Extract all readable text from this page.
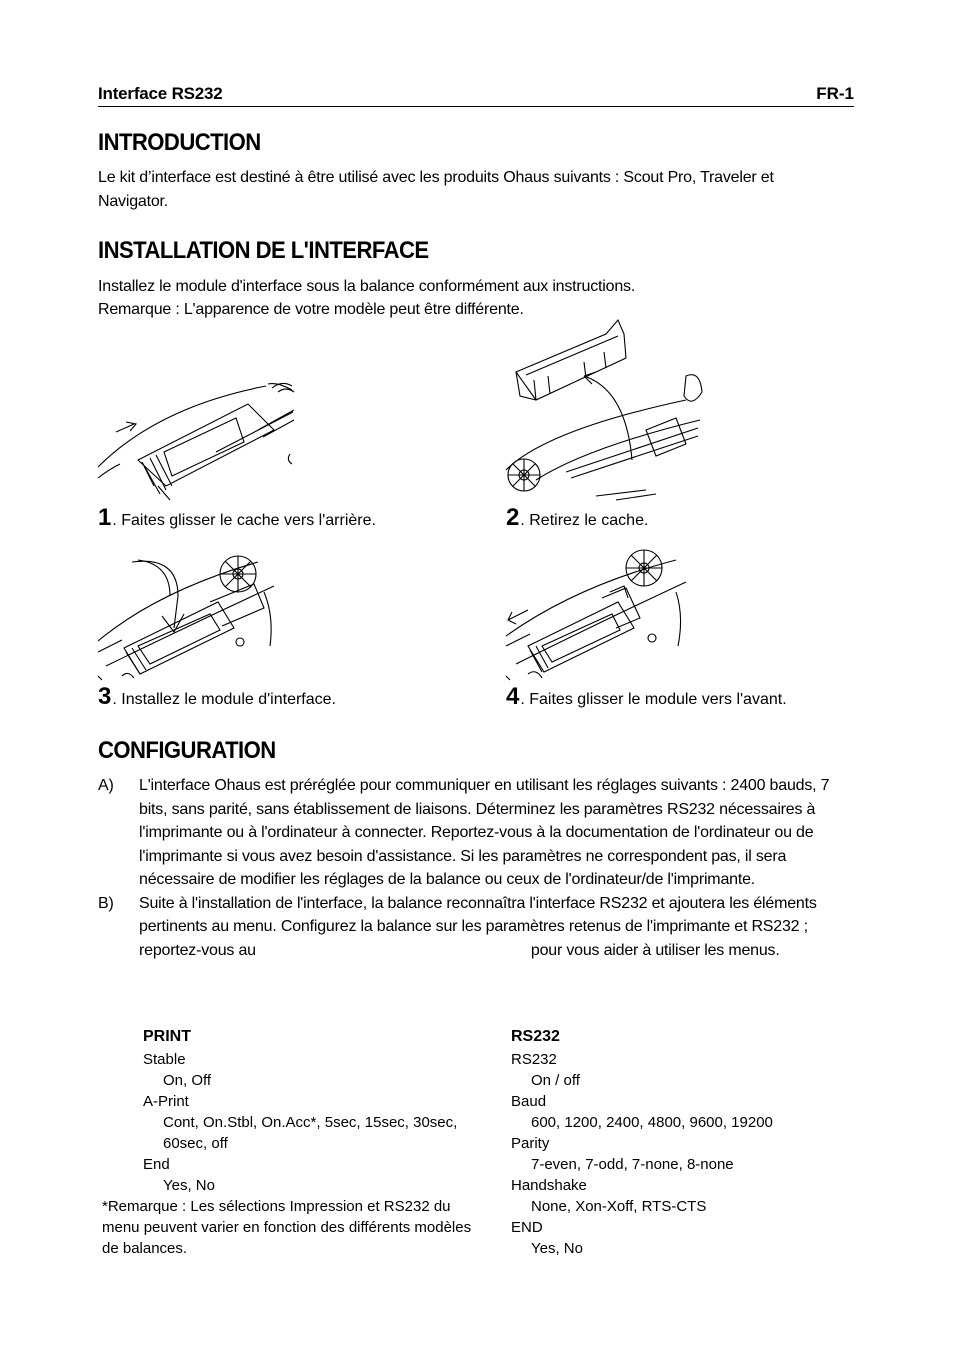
Interface RS232	FR-1
INTRODUCTION
Le kit d’interface est destiné à être utilisé avec les produits Ohaus suivants : Scout Pro, Traveler et Navigator.
INSTALLATION DE L'INTERFACE
Installez le module d'interface sous la balance conformément aux instructions.
Remarque : L'apparence de votre modèle peut être différente.
1. Faites glisser le cache vers l'arrière.	2. Retirez le cache.
3. Installez le module d'interface.	4. Faites glisser le module vers l'avant.
CONFIGURATION
A) L'interface Ohaus est préréglée pour communiquer en utilisant les réglages suivants : 2400 bauds, 7 bits, sans parité, sans établissement de liaisons. Déterminez les paramètres RS232 nécessaires à l'imprimante ou à l'ordinateur à connecter. Reportez-vous à la documentation de l'ordinateur ou de l'imprimante si vous avez besoin d'assistance. Si les paramètres ne correspondent pas, il sera nécessaire de modifier les réglages de la balance ou ceux de l'ordinateur/de l'imprimante.
B) Suite à l'installation de l'interface, la balance reconnaîtra l'interface RS232 et ajoutera les éléments pertinents au menu. Configurez la balance sur les paramètres retenus de l'imprimante et RS232 ; reportez-vous au	pour vous aider à utiliser les menus.
PRINT
Stable
On, Off
A-Print
Cont, On.Stbl, On.Acc*, 5sec, 15sec, 30sec,
60sec, off
End
Yes, No
*Remarque : Les sélections Impression et RS232 du menu peuvent varier en fonction des différents modèles de balances.
RS232
RS232
On / off
Baud
600, 1200, 2400, 4800, 9600, 19200
Parity
7-even, 7-odd, 7-none, 8-none
Handshake
None, Xon-Xoff, RTS-CTS
END
Yes, No
